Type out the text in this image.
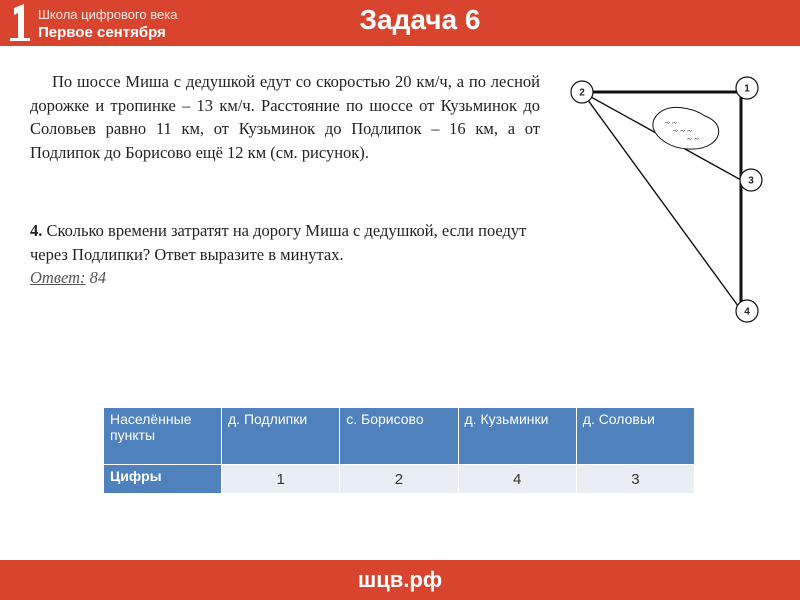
Школа цифрового века
Первое сентября	Задача 6
По шоссе Миша с дедушкой едут со скоростью 20 км/ч, а по лесной дорожке и тропинке – 13 км/ч. Расстояние по шоссе от Кузьминок до Соловьев равно 11 км, от Кузьминок до Подлипок – 16 км, а от Подлипок до Борисово ещё 12 км (см. рисунок).
4. Сколько времени затратят на дорогу Миша с дедушкой, если поедут через Подлипки? Ответ выразите в минутах.
Ответ: 84
~ ~
~ ~ ~
~ ~
2	1
3
4
Населённые пункты	д. Подлипки	с. Борисово	д. Кузьминки	д. Соловьи
Цифры	1	2	4	3
шцв.рф
